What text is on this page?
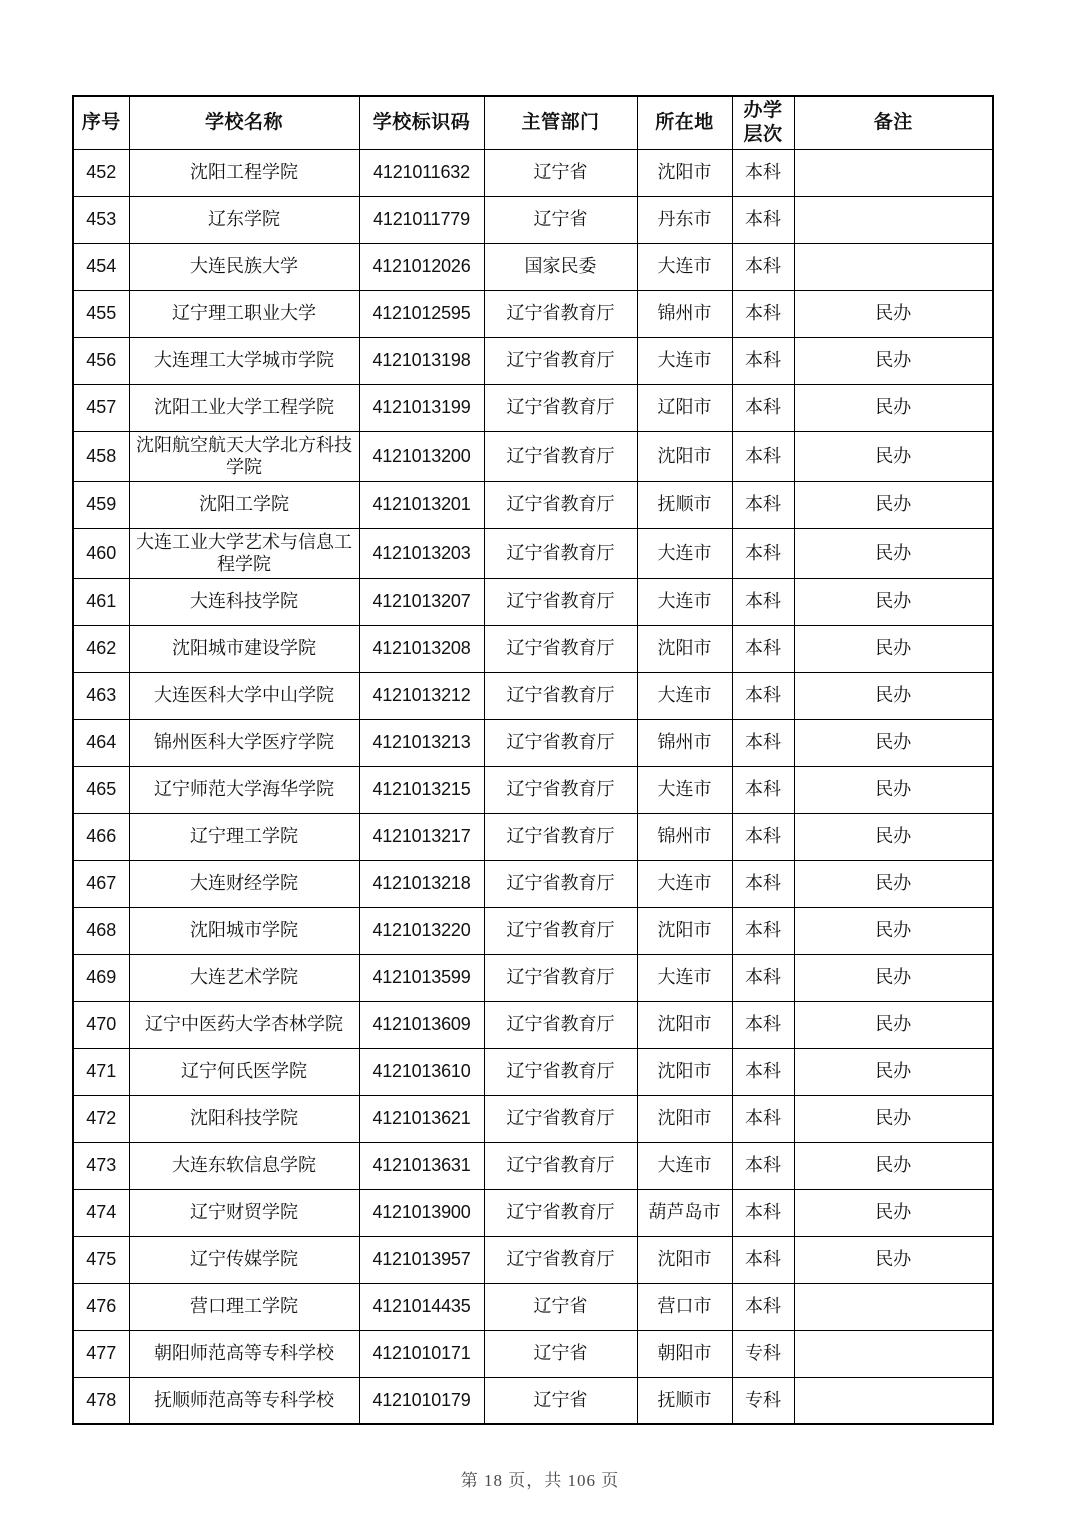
序号	学校名称	学校标识码	主管部门	所在地	办学层次	备注
452	沈阳工程学院	4121011632	辽宁省	沈阳市	本科	
453	辽东学院	4121011779	辽宁省	丹东市	本科	
454	大连民族大学	4121012026	国家民委	大连市	本科	
455	辽宁理工职业大学	4121012595	辽宁省教育厅	锦州市	本科	民办
456	大连理工大学城市学院	4121013198	辽宁省教育厅	大连市	本科	民办
457	沈阳工业大学工程学院	4121013199	辽宁省教育厅	辽阳市	本科	民办
458	沈阳航空航天大学北方科技学院	4121013200	辽宁省教育厅	沈阳市	本科	民办
459	沈阳工学院	4121013201	辽宁省教育厅	抚顺市	本科	民办
460	大连工业大学艺术与信息工程学院	4121013203	辽宁省教育厅	大连市	本科	民办
461	大连科技学院	4121013207	辽宁省教育厅	大连市	本科	民办
462	沈阳城市建设学院	4121013208	辽宁省教育厅	沈阳市	本科	民办
463	大连医科大学中山学院	4121013212	辽宁省教育厅	大连市	本科	民办
464	锦州医科大学医疗学院	4121013213	辽宁省教育厅	锦州市	本科	民办
465	辽宁师范大学海华学院	4121013215	辽宁省教育厅	大连市	本科	民办
466	辽宁理工学院	4121013217	辽宁省教育厅	锦州市	本科	民办
467	大连财经学院	4121013218	辽宁省教育厅	大连市	本科	民办
468	沈阳城市学院	4121013220	辽宁省教育厅	沈阳市	本科	民办
469	大连艺术学院	4121013599	辽宁省教育厅	大连市	本科	民办
470	辽宁中医药大学杏林学院	4121013609	辽宁省教育厅	沈阳市	本科	民办
471	辽宁何氏医学院	4121013610	辽宁省教育厅	沈阳市	本科	民办
472	沈阳科技学院	4121013621	辽宁省教育厅	沈阳市	本科	民办
473	大连东软信息学院	4121013631	辽宁省教育厅	大连市	本科	民办
474	辽宁财贸学院	4121013900	辽宁省教育厅	葫芦岛市	本科	民办
475	辽宁传媒学院	4121013957	辽宁省教育厅	沈阳市	本科	民办
476	营口理工学院	4121014435	辽宁省	营口市	本科	
477	朝阳师范高等专科学校	4121010171	辽宁省	朝阳市	专科	
478	抚顺师范高等专科学校	4121010179	辽宁省	抚顺市	专科	
第 18 页，共 106 页
